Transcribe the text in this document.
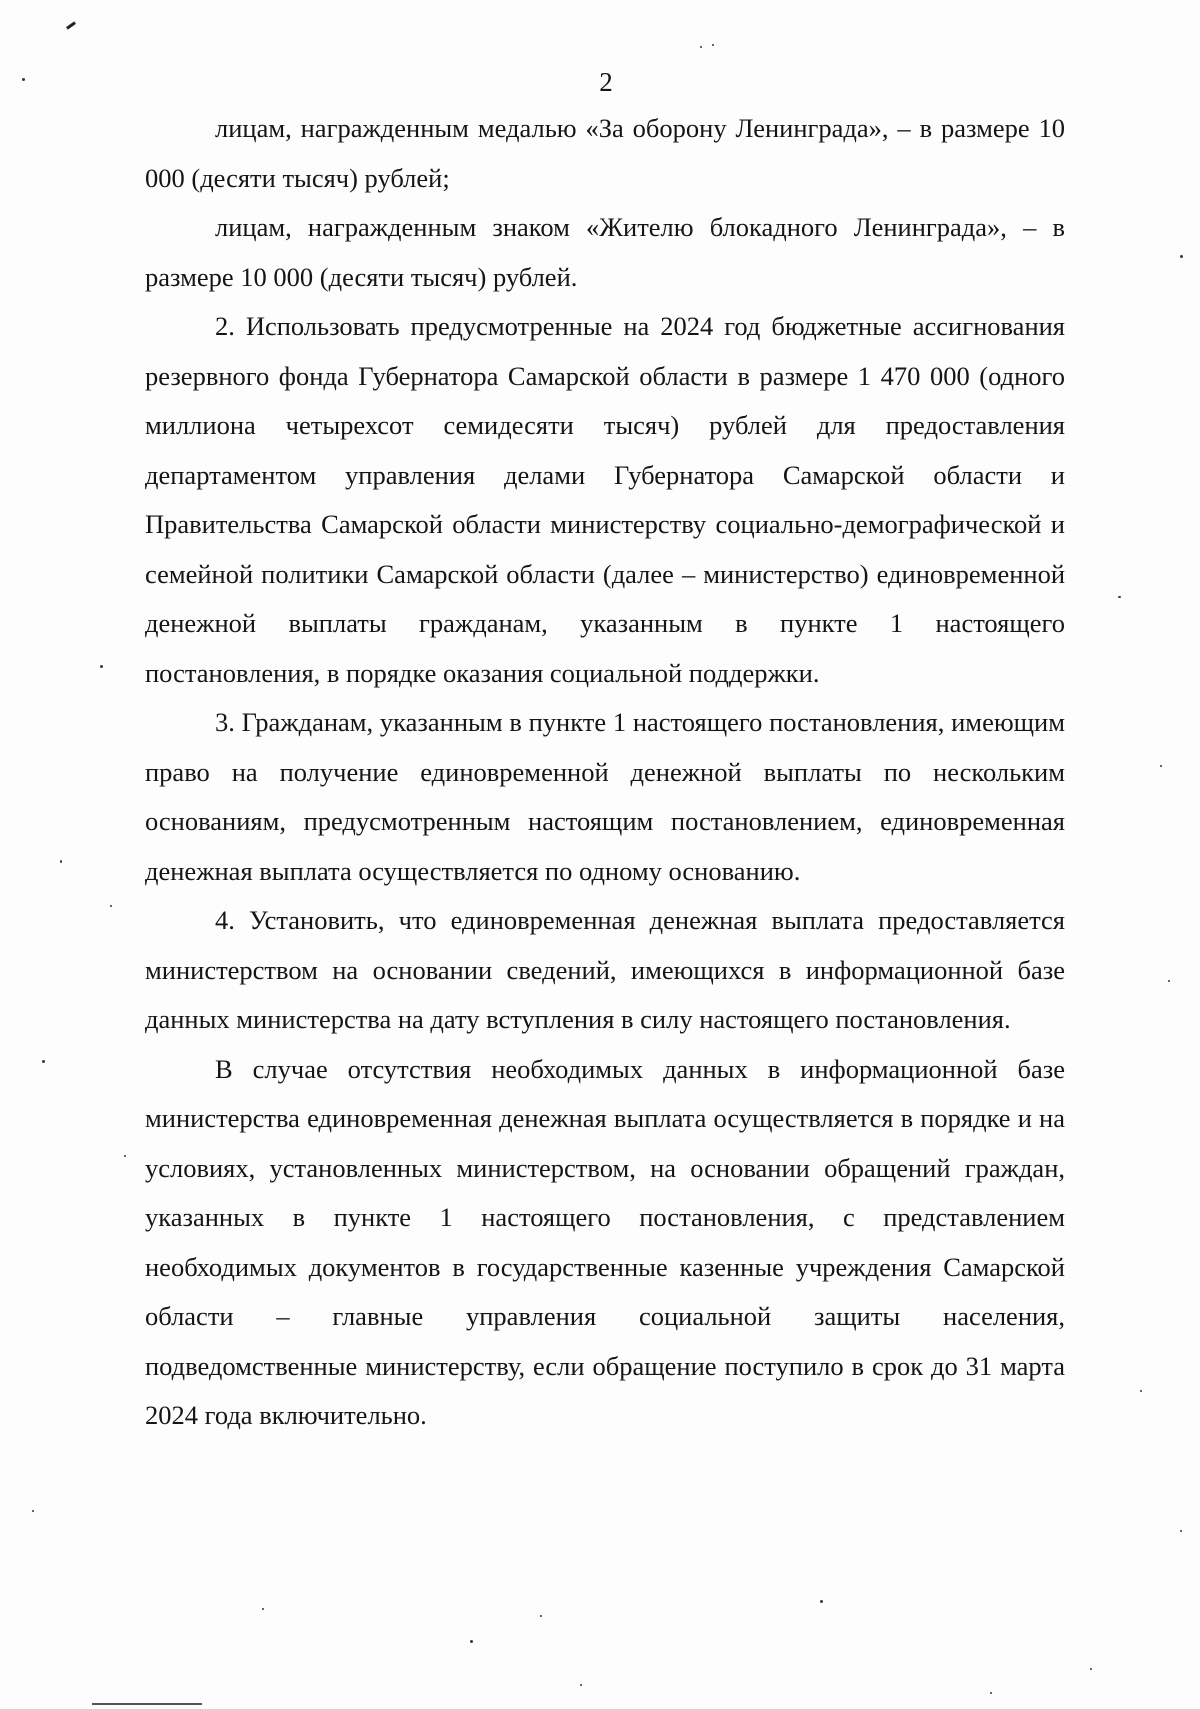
2

лицам, награжденным медалью «За оборону Ленинграда», – в размере 10 000 (десяти тысяч) рублей;

лицам, награжденным знаком «Жителю блокадного Ленинграда», – в размере 10 000 (десяти тысяч) рублей.

2. Использовать предусмотренные на 2024 год бюджетные ассигнования резервного фонда Губернатора Самарской области в размере 1 470 000 (одного миллиона четырехсот семидесяти тысяч) рублей для предоставления департаментом управления делами Губернатора Самарской области и Правительства Самарской области министерству социально-демографической и семейной политики Самарской области (далее – министерство) единовременной денежной выплаты гражданам, указанным в пункте 1 настоящего постановления, в порядке оказания социальной поддержки.

3. Гражданам, указанным в пункте 1 настоящего постановления, имеющим право на получение единовременной денежной выплаты по нескольким основаниям, предусмотренным настоящим постановлением, единовременная денежная выплата осуществляется по одному основанию.

4. Установить, что единовременная денежная выплата предоставляется министерством на основании сведений, имеющихся в информационной базе данных министерства на дату вступления в силу настоящего постановления.

В случае отсутствия необходимых данных в информационной базе министерства единовременная денежная выплата осуществляется в порядке и на условиях, установленных министерством, на основании обращений граждан, указанных в пункте 1 настоящего постановления, с представлением необходимых документов в государственные казенные учреждения Самарской области – главные управления социальной защиты населения, подведомственные министерству, если обращение поступило в срок до 31 марта 2024 года включительно.
